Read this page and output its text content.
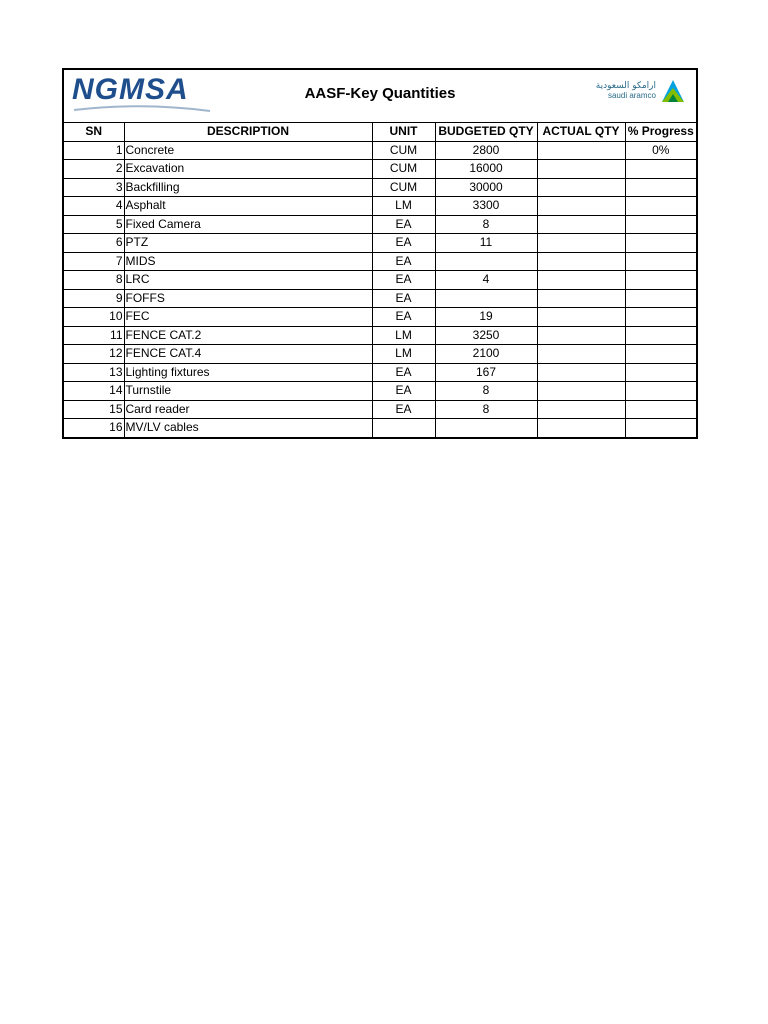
NGMSA	AASF-Key Quantities	ارامكو السعودية
saudi aramco
SN	DESCRIPTION	UNIT	BUDGETED QTY	ACTUAL QTY	% Progress
1	Concrete	CUM	2800		0%
2	Excavation	CUM	16000		
3	Backfilling	CUM	30000		
4	Asphalt	LM	3300		
5	Fixed Camera	EA	8		
6	PTZ	EA	11		
7	MIDS	EA			
8	LRC	EA	4		
9	FOFFS	EA			
10	FEC	EA	19		
11	FENCE CAT.2	LM	3250		
12	FENCE CAT.4	LM	2100		
13	Lighting fixtures	EA	167		
14	Turnstile	EA	8		
15	Card reader	EA	8		
16	MV/LV cables				
